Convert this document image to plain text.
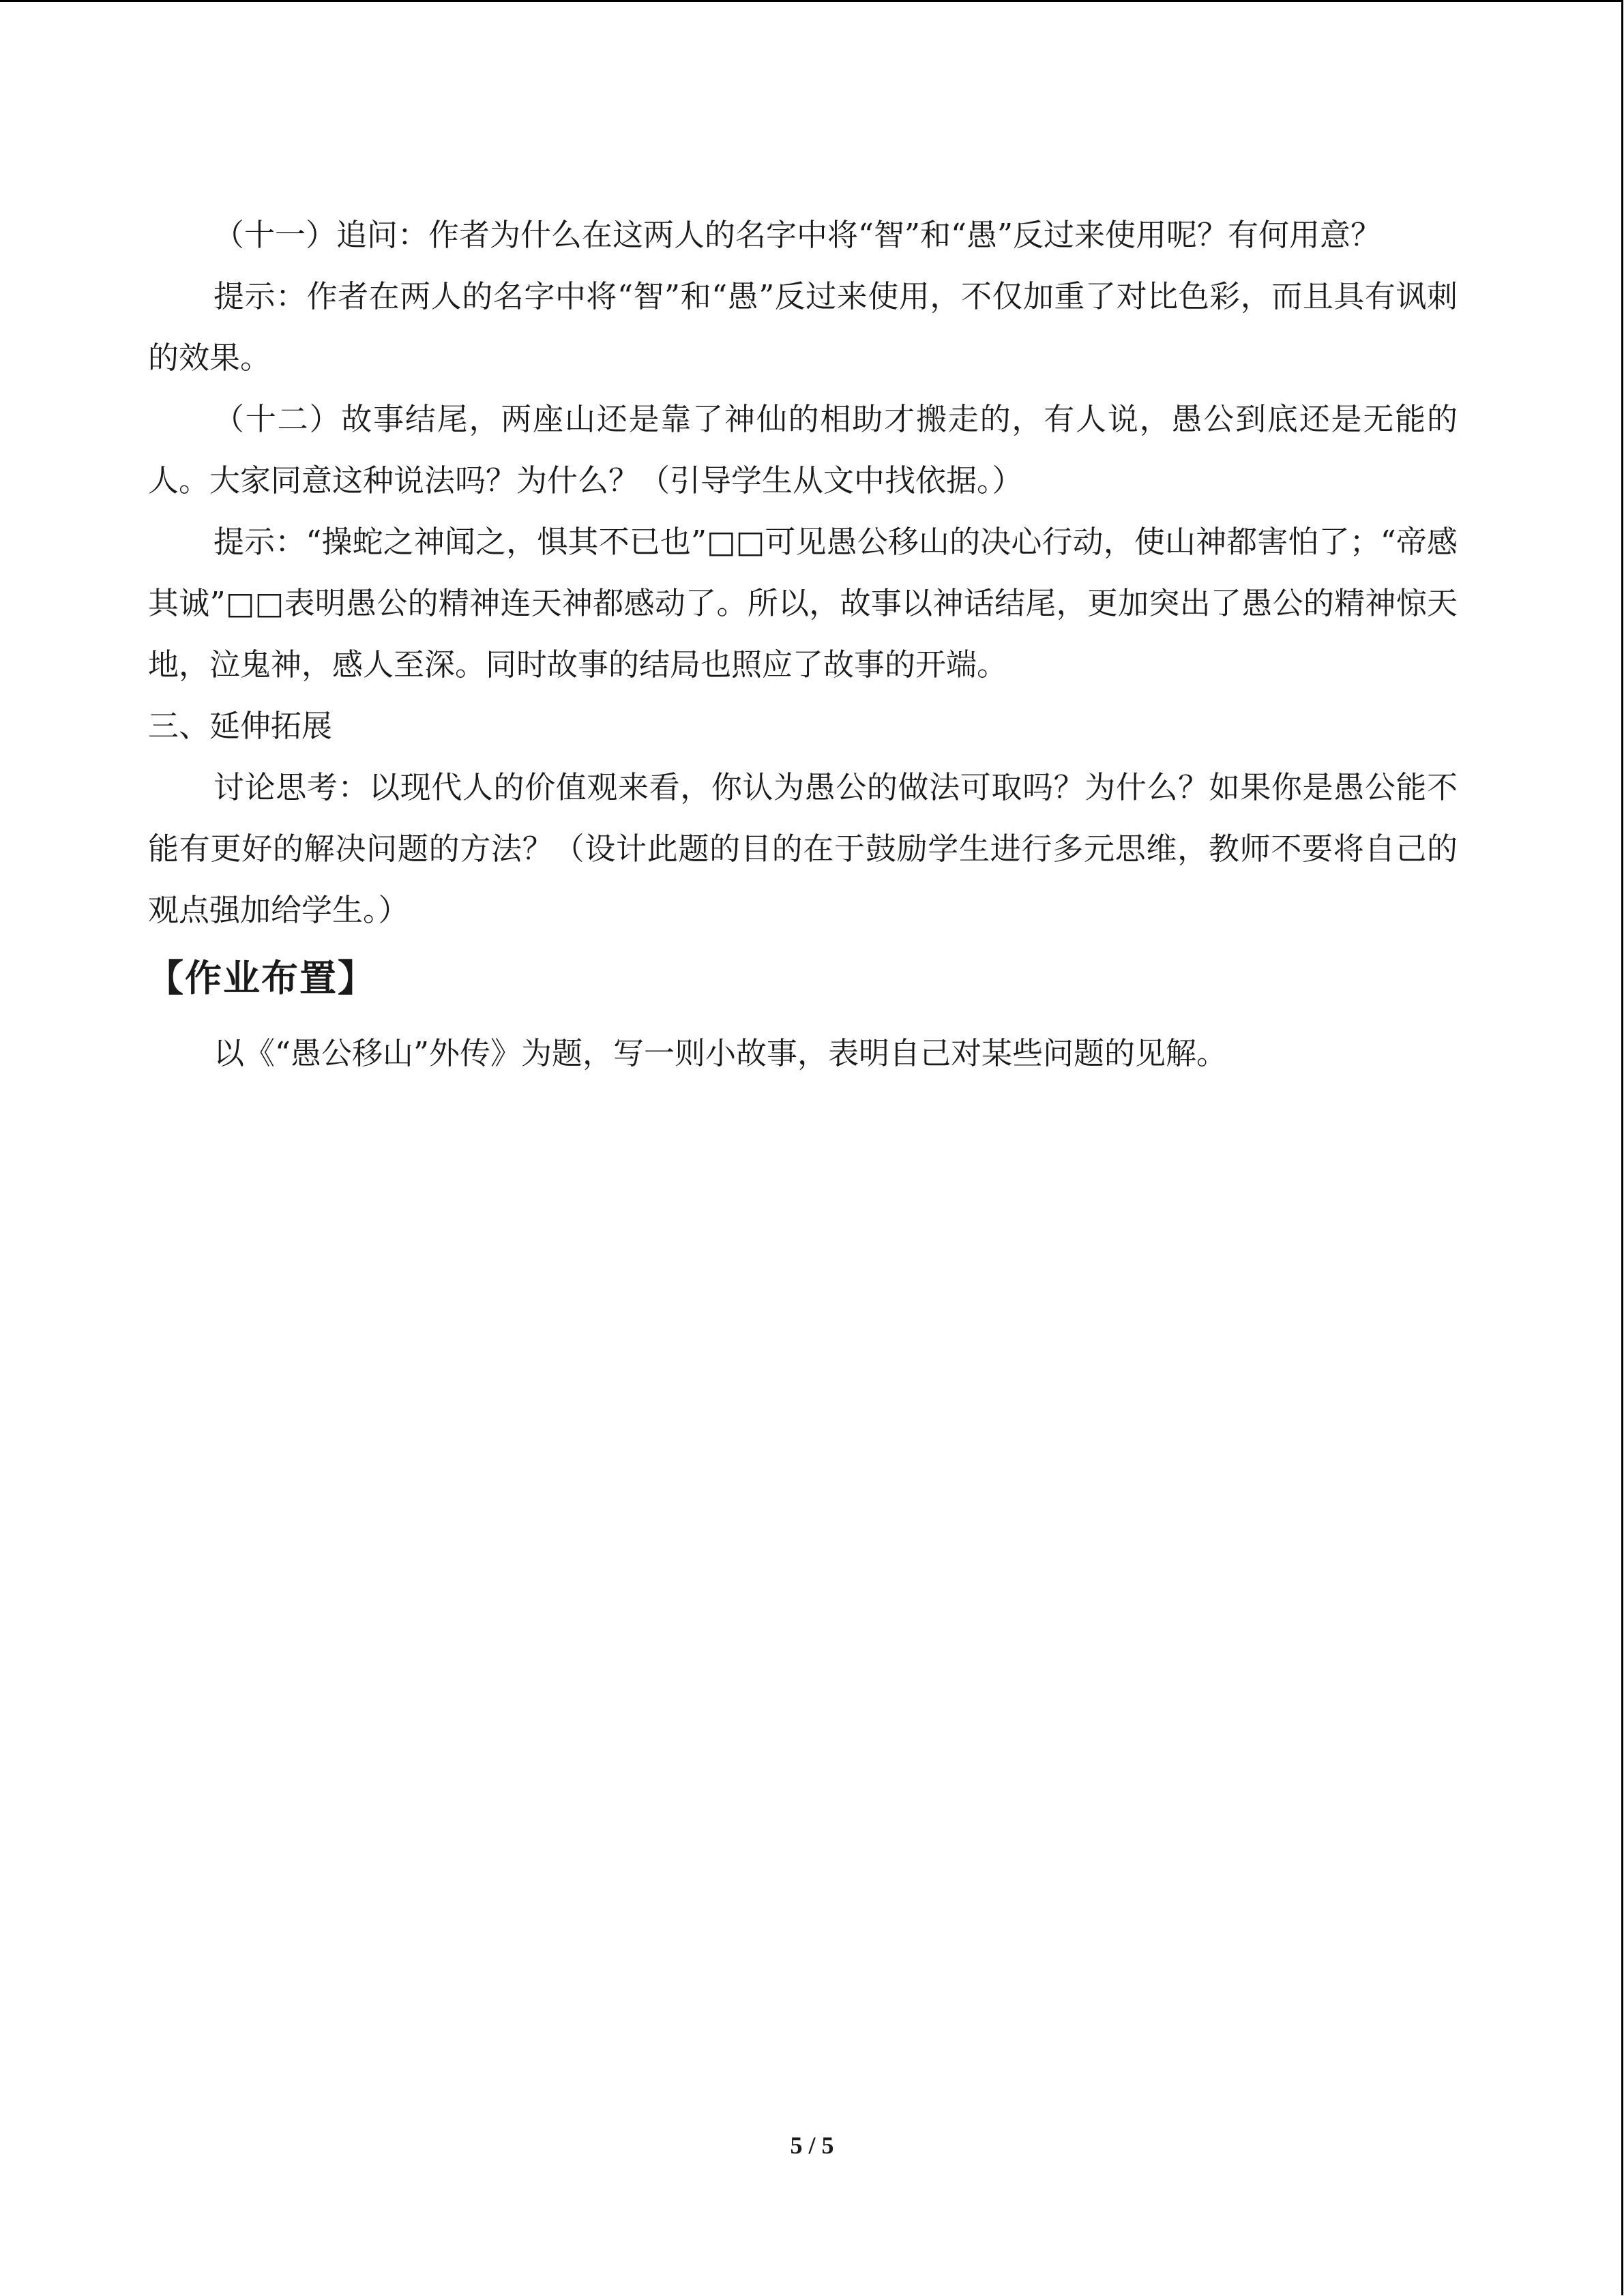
（十一）追问：作者为什么在这两人的名字中将“智”和“愚”反过来使用呢？有何用意？

提示：作者在两人的名字中将“智”和“愚”反过来使用，不仅加重了对比色彩，而且具有讽刺的效果。

（十二）故事结尾，两座山还是靠了神仙的相助才搬走的，有人说，愚公到底还是无能的人。大家同意这种说法吗？为什么？（引导学生从文中找依据。）

提示：“操蛇之神闻之，惧其不已也”□□可见愚公移山的决心行动，使山神都害怕了；“帝感其诚”□□表明愚公的精神连天神都感动了。所以，故事以神话结尾，更加突出了愚公的精神惊天地，泣鬼神，感人至深。同时故事的结局也照应了故事的开端。

三、延伸拓展

讨论思考：以现代人的价值观来看，你认为愚公的做法可取吗？为什么？如果你是愚公能不能有更好的解决问题的方法？（设计此题的目的在于鼓励学生进行多元思维，教师不要将自己的观点强加给学生。）

【作业布置】

以《“愚公移山”外传》为题，写一则小故事，表明自己对某些问题的见解。

5 / 5
